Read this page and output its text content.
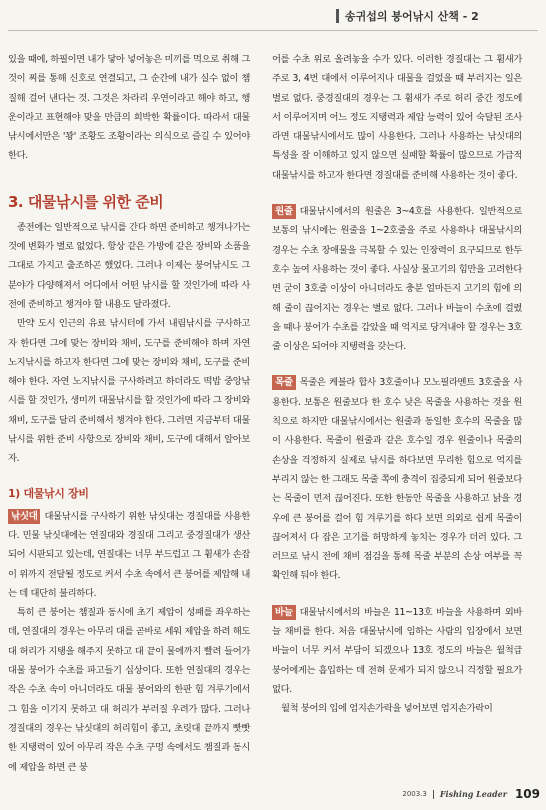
송귀섭의 붕어낚시 산책 - 2

있을 때에, 하필이면 내가 닿아 넣어놓은 미끼를 먹으로 취해 그것이 찌를 통해 신호로 연결되고, 그 순간에 내가 실수 없이 챔질해 걸어 낸다는 것. 그것은 차라리 우연이라고 해야 하고, 행운이라고 표현해야 맞을 만큼의 희박한 확률이다. 따라서 대물낚시에서만은 '꽝' 조황도 조황이라는 의식으로 즐길 수 있어야 한다.

3. 대물낚시를 위한 준비

종전에는 일반적으로 낚시를 간다 하면 준비하고 챙겨나가는 것에 변화가 별로 없었다. 항상 같은 가방에 같은 장비와 소품을 그대로 가지고 출조하곤 했었다. 그러나 이제는 붕어낚시도 그 분야가 다양해져서 어디에서 어떤 낚시를 할 것인가에 따라 사전에 준비하고 챙겨야 할 내용도 달라졌다.

만약 도시 인근의 유료 낚시터에 가서 내림낚시를 구사하고자 한다면 그에 맞는 장비와 채비, 도구를 준비해야 하며 자연 노지낚시를 하고자 한다면 그에 맞는 장비와 채비, 도구를 준비해야 한다. 자연 노지낚시를 구사하려고 하더라도 떡밥 중앙낚시를 할 것인가, 생미끼 대물낚시를 할 것인가에 따라 그 장비와 채비, 도구를 달리 준비해서 챙겨야 한다. 그러면 지금부터 대물낚시를 위한 준비 사항으로 장비와 채비, 도구에 대해서 알아보자.

1) 대물낚시 장비

낚싯대 대물낚시를 구사하기 위한 낚싯대는 경질대를 사용한다. 민물 낚싯대에는 연질대와 경질대 그리고 중경질대가 생산되어 시판되고 있는데, 연질대는 너무 부드럽고 그 휨새가 손잡이 위까지 전달될 정도로 커서 수초 속에서 큰 붕어를 제압해 내는 데 대단히 불리하다.

특히 큰 붕어는 챔질과 동시에 초기 제압이 성패를 좌우하는데, 연질대의 경우는 아무리 대를 곧바로 세워 제압을 하려 해도 대 허리가 지탱을 해주지 못하고 대 끝이 물에까지 빨려 들어가 대물 붕어가 수초를 파고들기 십상이다. 또한 연질대의 경우는 작은 수초 속이 아니더라도 대물 붕어와의 한판 힘 겨루기에서 그 힘을 이기지 못하고 대 허리가 부러질 우려가 많다. 그러나 경질대의 경우는 낚싯대의 허리힘이 좋고, 초릿대 끝까지 빳빳한 지탱력이 있어 아무리 작은 수초 구멍 속에서도 챔질과 동시에 제압을 하면 큰 붕

어를 수초 위로 올려놓을 수가 있다. 이러한 경질대는 그 휨새가 주로 3, 4번 대에서 이루어지나 대물을 걸었을 때 부러지는 일은 별로 없다. 중경질대의 경우는 그 휨새가 주로 허리 중간 정도에서 이루어지며 어느 정도 지탱력과 제압 능력이 있어 숙달된 조사라면 대물낚시에서도 많이 사용한다. 그러나 사용하는 낚싯대의 특성을 잘 이해하고 있지 않으면 실패할 확률이 많으므로 가급적 대물낚시를 하고자 한다면 경질대를 준비해 사용하는 것이 좋다.

원줄 대물낚시에서의 원줄은 3~4호를 사용한다. 일반적으로 보통의 낚시에는 원줄을 1~2호줄을 주로 사용하나 대물낚시의 경우는 수초 장애물을 극복할 수 있는 인장력이 요구되므로 한두 호수 높여 사용하는 것이 좋다. 사실상 물고기의 힘만을 고려한다면 굳이 3호줄 이상이 아니더라도 충분 얼마든지 고기의 힘에 의해 줄이 끊어지는 경우는 별로 없다. 그러나 바늘이 수초에 걸렸을 때나 붕어가 수초를 감았을 때 억지로 당겨내야 할 경우는 3호줄 이상은 되어야 지탱력을 갖는다.

목줄 목줄은 케블라 합사 3호줄이나 모노필라멘트 3호줄을 사용한다. 보통은 원줄보다 한 호수 낮은 목줄을 사용하는 것을 원칙으로 하지만 대물낚시에서는 원줄과 동일한 호수의 목줄을 많이 사용한다. 목줄이 원줄과 같은 호수일 경우 원줄이나 목줄의 손상을 걱정하지 실제로 낚시를 하다보면 무리한 힘으로 억지를 부리지 않는 한 그래도 목줄 쪽에 충격이 집중되게 되어 원줄보다는 목줄이 먼저 끊어진다. 또한 한동안 목줄을 사용하고 낡을 경우에 큰 붕어를 걸어 힘 겨루기를 하다 보면 의외로 쉽게 목줄이 끊어져서 다 잡은 고기를 허망하게 놓치는 경우가 더러 있다. 그러므로 낚시 전에 채비 점검을 통해 목줄 부분의 손상 여부를 꼭 확인해 둬야 한다.

바늘 대물낚시에서의 바늘은 11~13호 바늘을 사용하며 외바늘 채비를 한다. 처음 대물낚시에 임하는 사람의 입장에서 보면 바늘이 너무 커서 부담이 되겠으나 13호 정도의 바늘은 월척급 붕어에게는 흡입하는 데 전혀 문제가 되지 않으니 걱정할 필요가 없다.

월척 붕어의 입에 엄지손가락을 넣어보면 엄지손가락이

2003.3 Fishing Leader 109
